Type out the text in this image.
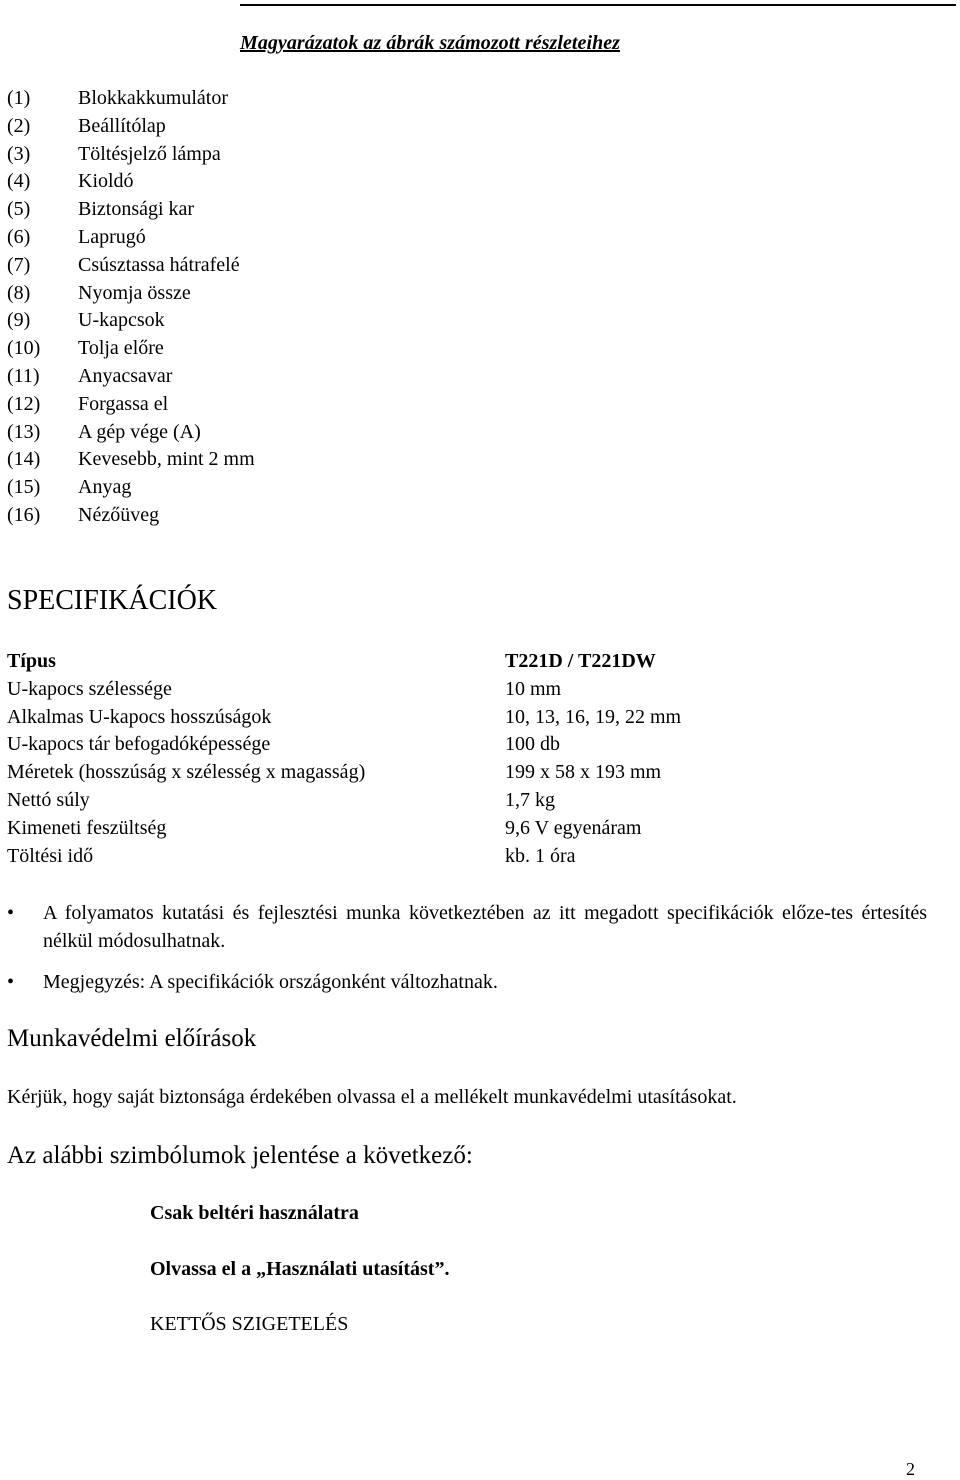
Magyarázatok az ábrák számozott részleteihez
(1) Blokkakkumulátor
(2) Beállítólap
(3) Töltésjelző lámpa
(4) Kioldó
(5) Biztonsági kar
(6) Laprugó
(7) Csúsztassa hátrafelé
(8) Nyomja össze
(9) U-kapcsok
(10) Tolja előre
(11) Anyacsavar
(12) Forgassa el
(13) A gép vége (A)
(14) Kevesebb, mint 2 mm
(15) Anyag
(16) Nézőüveg
SPECIFIKÁCIÓK
Típus	T221D / T221DW
U-kapocs szélessége	10 mm
Alkalmas U-kapocs hosszúságok	10, 13, 16, 19, 22 mm
U-kapocs tár befogadóképessége	100 db
Méretek (hosszúság x szélesség x magasság)	199 x 58 x 193 mm
Nettó súly	1,7 kg
Kimeneti feszültség	9,6 V egyenáram
Töltési idő	kb. 1 óra
• A folyamatos kutatási és fejlesztési munka következtében az itt megadott specifikációk előze-tes értesítés nélkül módosulhatnak.
• Megjegyzés: A specifikációk országonként változhatnak.
Munkavédelmi előírások
Kérjük, hogy saját biztonsága érdekében olvassa el a mellékelt munkavédelmi utasításokat.
Az alábbi szimbólumok jelentése a következő:
Csak beltéri használatra
Olvassa el a „Használati utasítást”.
KETTŐS SZIGETELÉS
2
